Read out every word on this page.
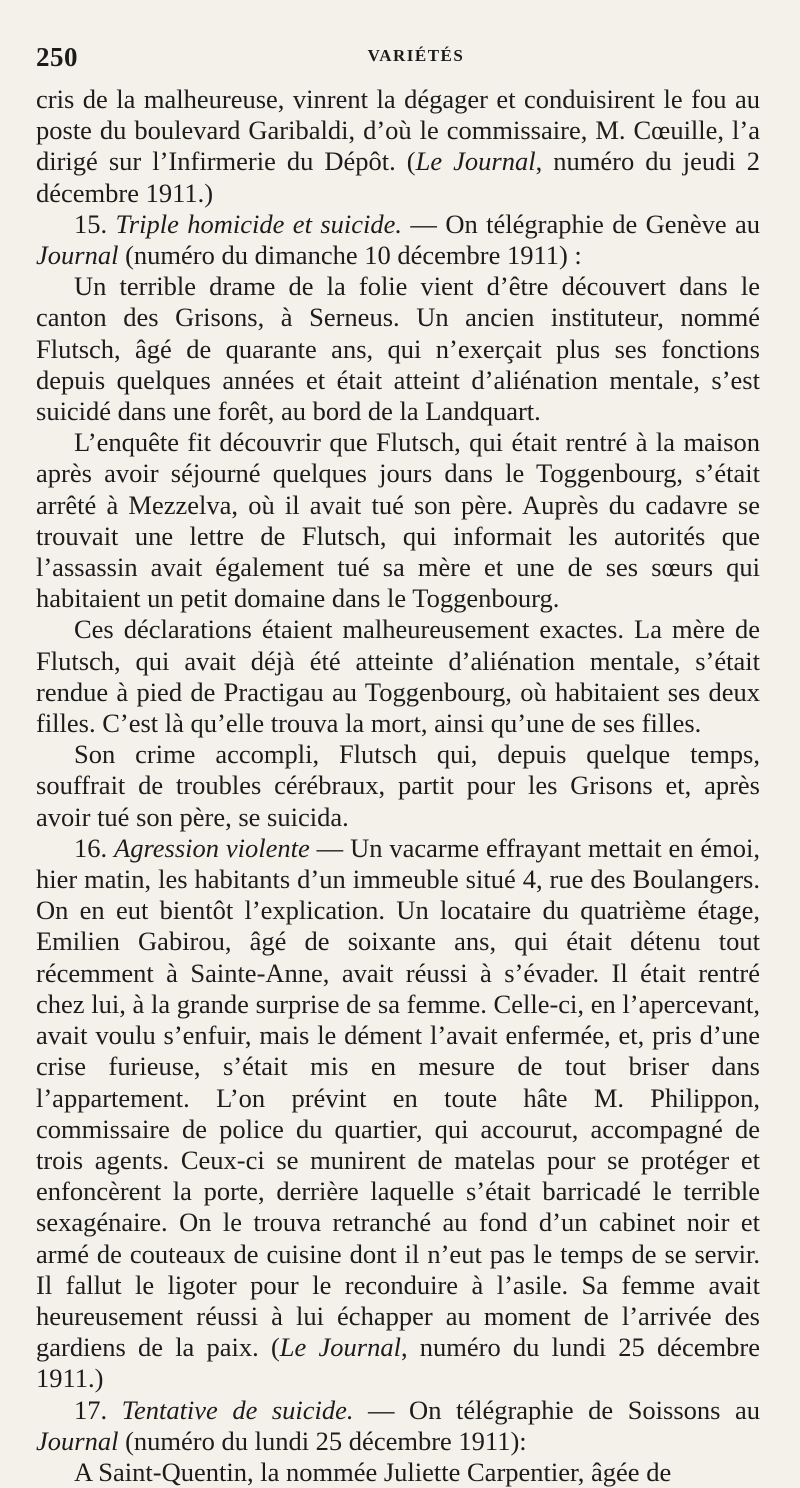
250	VARIÉTÉS

cris de la malheureuse, vinrent la dégager et conduisirent le fou au poste du boulevard Garibaldi, d’où le commissaire, M. Cœuille, l’a dirigé sur l’Infirmerie du Dépôt. (Le Journal, numéro du jeudi 2 décembre 1911.)

15. Triple homicide et suicide. — On télégraphie de Genève au Journal (numéro du dimanche 10 décembre 1911) :

Un terrible drame de la folie vient d’être découvert dans le canton des Grisons, à Serneus. Un ancien instituteur, nommé Flutsch, âgé de quarante ans, qui n’exerçait plus ses fonctions depuis quelques années et était atteint d’aliénation mentale, s’est suicidé dans une forêt, au bord de la Landquart.

L’enquête fit découvrir que Flutsch, qui était rentré à la maison après avoir séjourné quelques jours dans le Toggenbourg, s’était arrêté à Mezzelva, où il avait tué son père. Auprès du cadavre se trouvait une lettre de Flutsch, qui informait les autorités que l’assassin avait également tué sa mère et une de ses sœurs qui habitaient un petit domaine dans le Toggenbourg.

Ces déclarations étaient malheureusement exactes. La mère de Flutsch, qui avait déjà été atteinte d’aliénation mentale, s’était rendue à pied de Practigau au Toggenbourg, où habitaient ses deux filles. C’est là qu’elle trouva la mort, ainsi qu’une de ses filles.

Son crime accompli, Flutsch qui, depuis quelque temps, souffrait de troubles cérébraux, partit pour les Grisons et, après avoir tué son père, se suicida.

16. Agression violente — Un vacarme effrayant mettait en émoi, hier matin, les habitants d’un immeuble situé 4, rue des Boulangers. On en eut bientôt l’explication. Un locataire du quatrième étage, Emilien Gabirou, âgé de soixante ans, qui était détenu tout récemment à Sainte-Anne, avait réussi à s’évader. Il était rentré chez lui, à la grande surprise de sa femme. Celle-ci, en l’apercevant, avait voulu s’enfuir, mais le dément l’avait enfermée, et, pris d’une crise furieuse, s’était mis en mesure de tout briser dans l’appartement. L’on prévint en toute hâte M. Philippon, commissaire de police du quartier, qui accourut, accompagné de trois agents. Ceux-ci se munirent de matelas pour se protéger et enfoncèrent la porte, derrière laquelle s’était barricadé le terrible sexagénaire. On le trouva retranché au fond d’un cabinet noir et armé de couteaux de cuisine dont il n’eut pas le temps de se servir. Il fallut le ligoter pour le reconduire à l’asile. Sa femme avait heureusement réussi à lui échapper au moment de l’arrivée des gardiens de la paix. (Le Journal, numéro du lundi 25 décembre 1911.)

17. Tentative de suicide. — On télégraphie de Soissons au Journal (numéro du lundi 25 décembre 1911):

A Saint-Quentin, la nommée Juliette Carpentier, âgée de
